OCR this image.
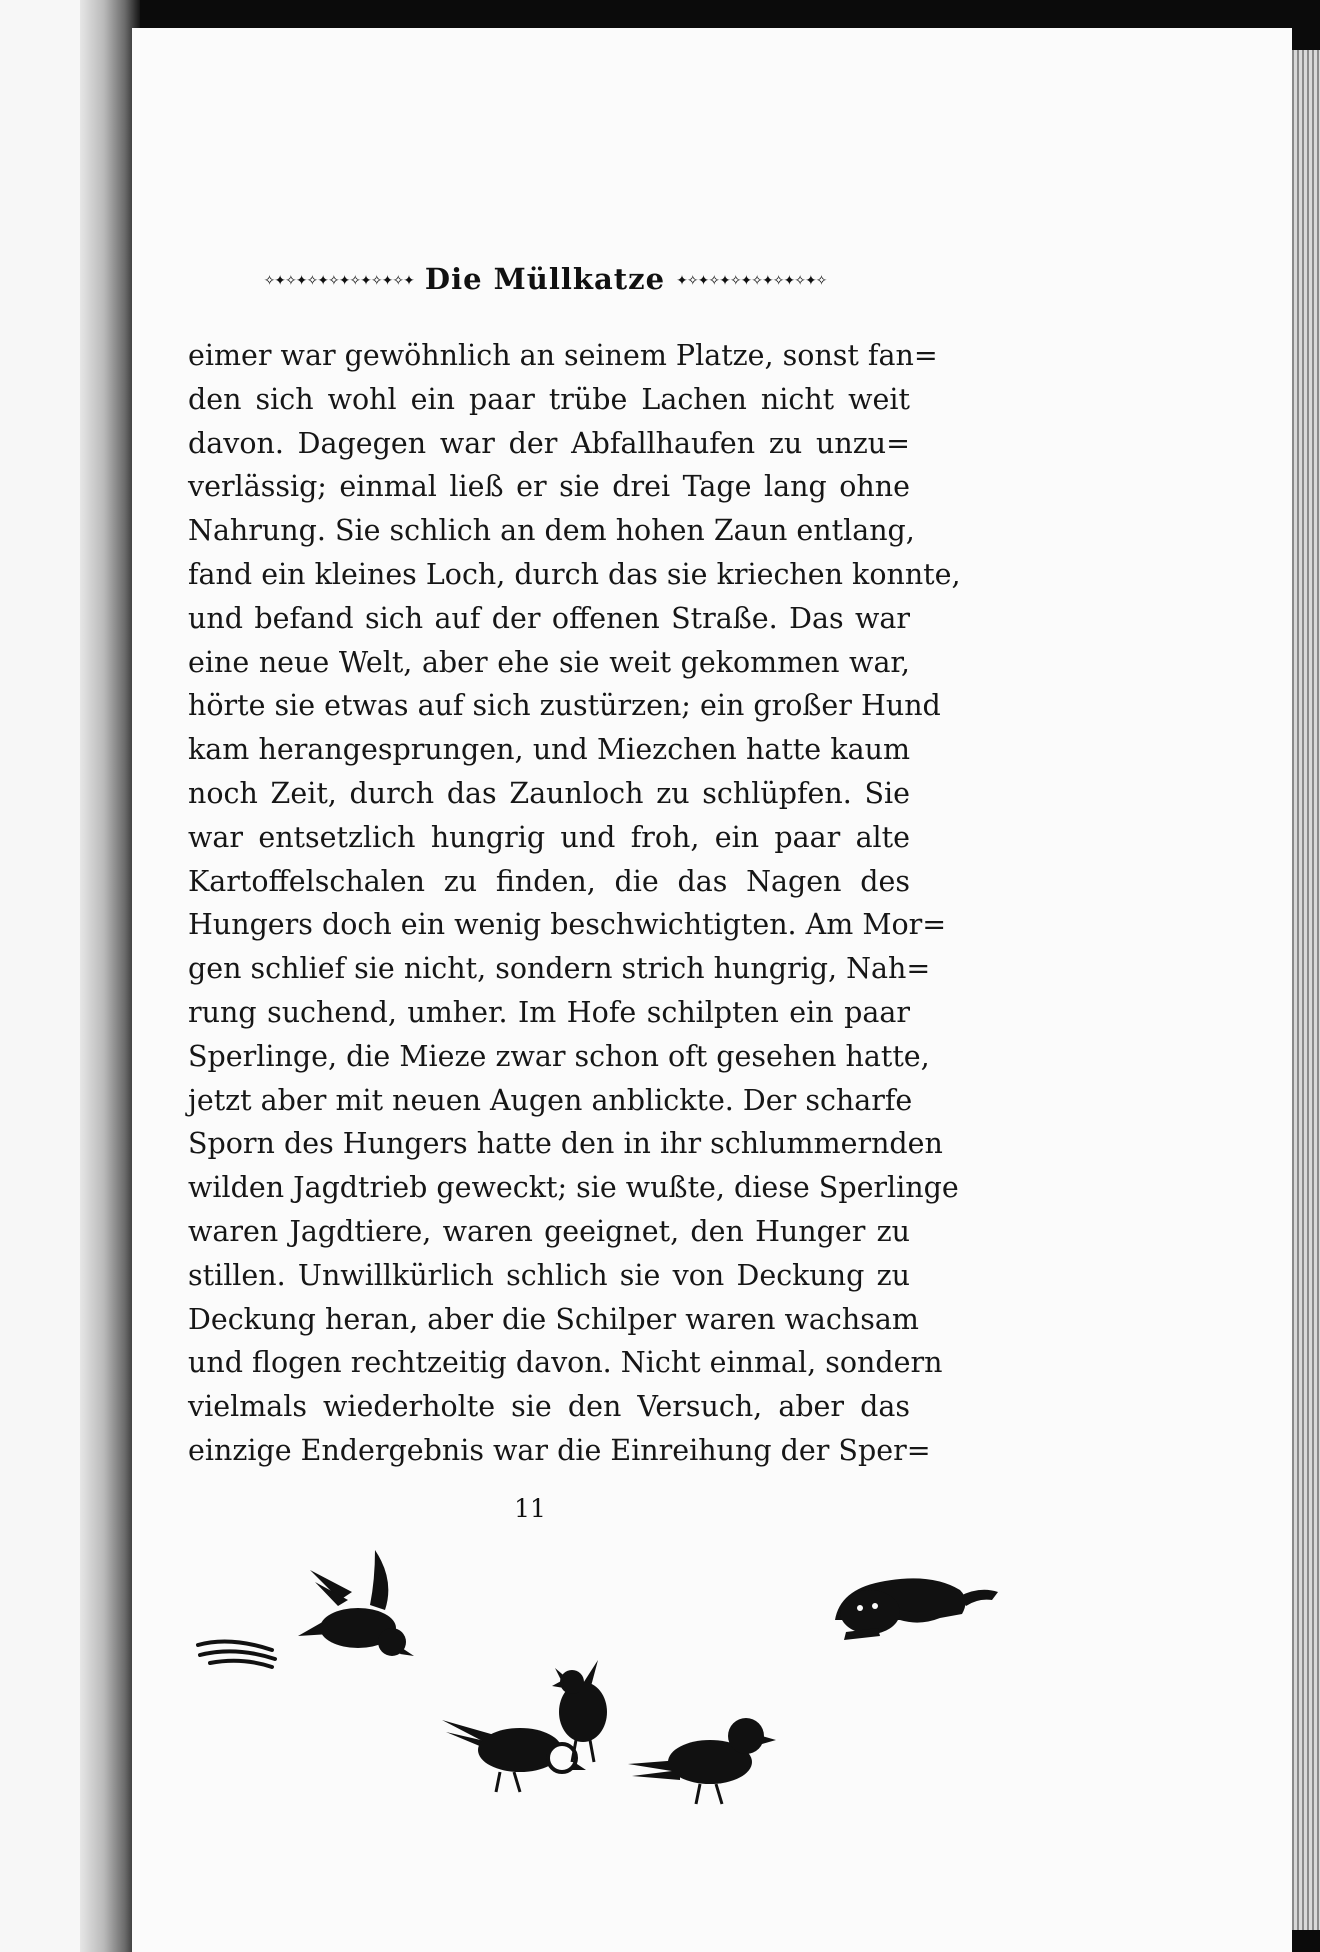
✧✦✧✦✧✦✧✦✧✦✧✦✧✦ Die Müllkatze ✦✧✦✧✦✧✦✧✦✧✦✧✦✧
eimer war gewöhnlich an seinem Platze, sonst fan=
den sich wohl ein paar trübe Lachen nicht weit
davon. Dagegen war der Abfallhaufen zu unzu=
verlässig; einmal ließ er sie drei Tage lang ohne
Nahrung. Sie schlich an dem hohen Zaun entlang,
fand ein kleines Loch, durch das sie kriechen konnte,
und befand sich auf der offenen Straße. Das war
eine neue Welt, aber ehe sie weit gekommen war,
hörte sie etwas auf sich zustürzen; ein großer Hund
kam herangesprungen, und Miezchen hatte kaum
noch Zeit, durch das Zaunloch zu schlüpfen. Sie
war entsetzlich hungrig und froh, ein paar alte
Kartoffelschalen zu finden, die das Nagen des
Hungers doch ein wenig beschwichtigten. Am Mor=
gen schlief sie nicht, sondern strich hungrig, Nah=
rung suchend, umher. Im Hofe schilpten ein paar
Sperlinge, die Mieze zwar schon oft gesehen hatte,
jetzt aber mit neuen Augen anblickte. Der scharfe
Sporn des Hungers hatte den in ihr schlummernden
wilden Jagdtrieb geweckt; sie wußte, diese Sperlinge
waren Jagdtiere, waren geeignet, den Hunger zu
stillen. Unwillkürlich schlich sie von Deckung zu
Deckung heran, aber die Schilper waren wachsam
und flogen rechtzeitig davon. Nicht einmal, sondern
vielmals wiederholte sie den Versuch, aber das
einzige Endergebnis war die Einreihung der Sper=
11
